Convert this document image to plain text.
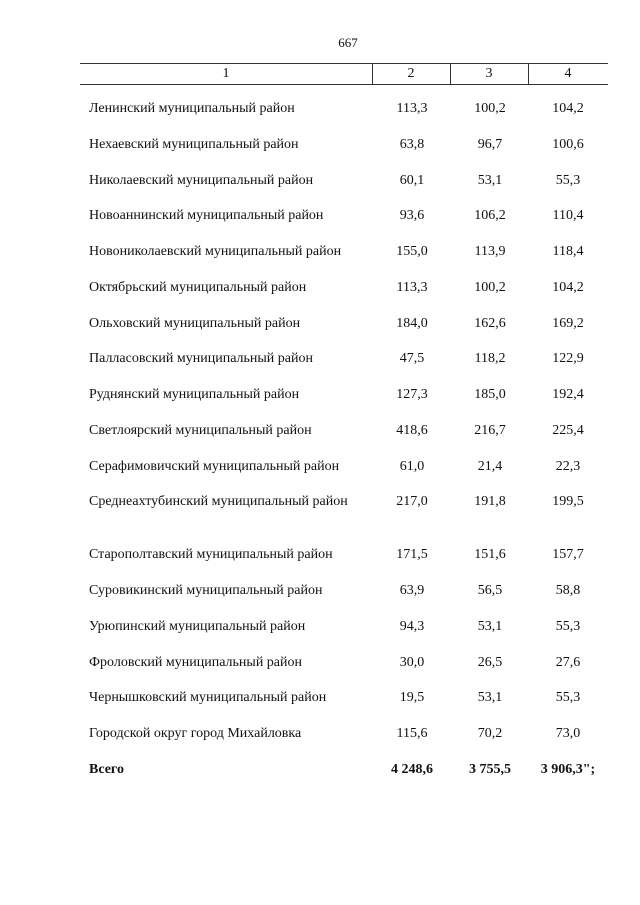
667
1	2	3	4
Ленинский муниципальный район	113,3	100,2	104,2
Нехаевский муниципальный район	63,8	96,7	100,6
Николаевский муниципальный район	60,1	53,1	55,3
Новоаннинский муниципальный район	93,6	106,2	110,4
Новониколаевский муниципальный район	155,0	113,9	118,4
Октябрьский муниципальный район	113,3	100,2	104,2
Ольховский муниципальный район	184,0	162,6	169,2
Палласовский муниципальный район	47,5	118,2	122,9
Руднянский муниципальный район	127,3	185,0	192,4
Светлоярский муниципальный район	418,6	216,7	225,4
Серафимовичский муниципальный район	61,0	21,4	22,3
Среднеахтубинский муниципальный район	217,0	191,8	199,5
Старополтавский муниципальный район	171,5	151,6	157,7
Суровикинский муниципальный район	63,9	56,5	58,8
Урюпинский муниципальный район	94,3	53,1	55,3
Фроловский муниципальный район	30,0	26,5	27,6
Чернышковский муниципальный район	19,5	53,1	55,3
Городской округ город Михайловка	115,6	70,2	73,0
Всего	4 248,6	3 755,5	3 906,3";
